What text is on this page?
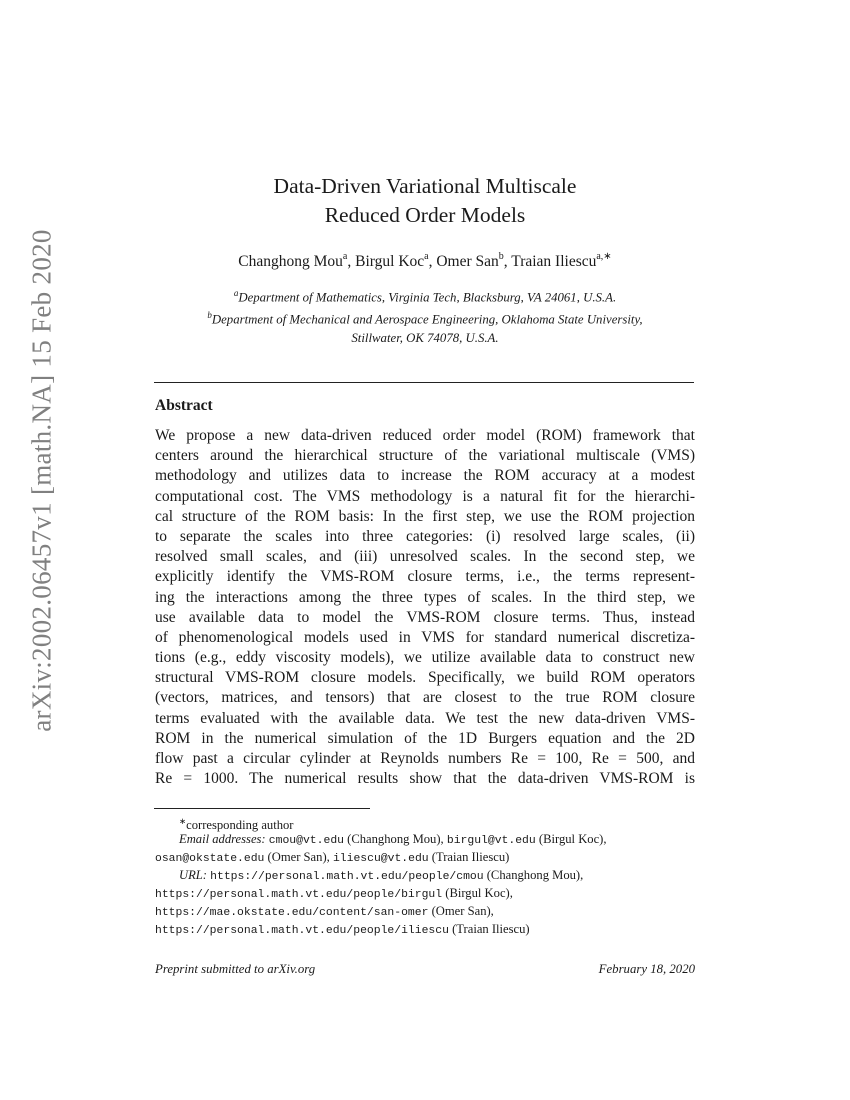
arXiv:2002.06457v1 [math.NA] 15 Feb 2020
Data-Driven Variational Multiscale
Reduced Order Models
Changhong Mou$^a$, Birgul Koc$^a$, Omer San$^b$, Traian Iliescu$^{a,∗}$
$^a$Department of Mathematics, Virginia Tech, Blacksburg, VA 24061, U.S.A.
$^b$Department of Mechanical and Aerospace Engineering, Oklahoma State University,
Stillwater, OK 74078, U.S.A.
Abstract
We propose a new data-driven reduced order model (ROM) framework that
centers around the hierarchical structure of the variational multiscale (VMS)
methodology and utilizes data to increase the ROM accuracy at a modest
computational cost. The VMS methodology is a natural fit for the hierarchi-
cal structure of the ROM basis: In the first step, we use the ROM projection
to separate the scales into three categories: (i) resolved large scales, (ii)
resolved small scales, and (iii) unresolved scales. In the second step, we
explicitly identify the VMS-ROM closure terms, i.e., the terms represent-
ing the interactions among the three types of scales. In the third step, we
use available data to model the VMS-ROM closure terms. Thus, instead
of phenomenological models used in VMS for standard numerical discretiza-
tions (e.g., eddy viscosity models), we utilize available data to construct new
structural VMS-ROM closure models. Specifically, we build ROM operators
(vectors, matrices, and tensors) that are closest to the true ROM closure
terms evaluated with the available data. We test the new data-driven VMS-
ROM in the numerical simulation of the 1D Burgers equation and the 2D
flow past a circular cylinder at Reynolds numbers Re = 100, Re = 500, and
Re = 1000. The numerical results show that the data-driven VMS-ROM is
∗corresponding author
Email addresses: cmou@vt.edu (Changhong Mou), birgul@vt.edu (Birgul Koc),
osan@okstate.edu (Omer San), iliescu@vt.edu (Traian Iliescu)
URL: https://personal.math.vt.edu/people/cmou (Changhong Mou),
https://personal.math.vt.edu/people/birgul (Birgul Koc),
https://mae.okstate.edu/content/san-omer (Omer San),
https://personal.math.vt.edu/people/iliescu (Traian Iliescu)
Preprint submitted to arXiv.org	February 18, 2020
